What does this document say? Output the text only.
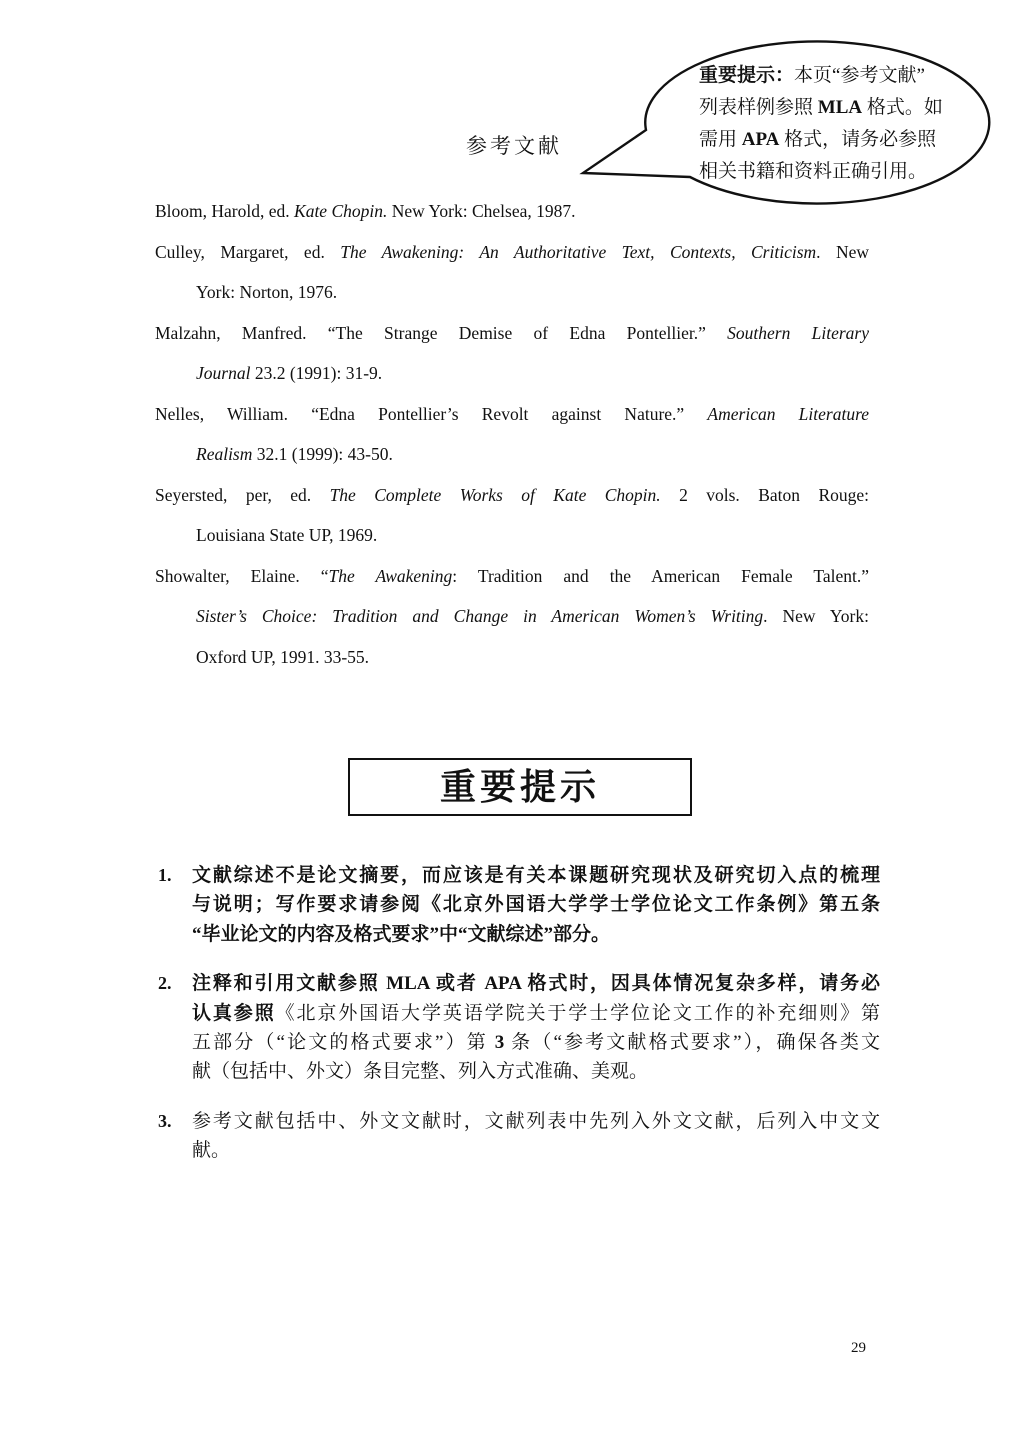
重要提示：本页“参考文献”
列表样例参照 MLA 格式。如
需用 APA 格式，请务必参照
相关书籍和资料正确引用。
参考文献
Bloom, Harold, ed. Kate Chopin. New York: Chelsea, 1987.
Culley, Margaret, ed. The Awakening: An Authoritative Text, Contexts, Criticism. New
York: Norton, 1976.
Malzahn, Manfred. “The Strange Demise of Edna Pontellier.” Southern Literary
Journal 23.2 (1991): 31-9.
Nelles, William. “Edna Pontellier’s Revolt against Nature.” American Literature
Realism 32.1 (1999): 43-50.
Seyersted, per, ed. The Complete Works of Kate Chopin. 2 vols. Baton Rouge:
Louisiana State UP, 1969.
Showalter, Elaine. “The Awakening: Tradition and the American Female Talent.”
Sister’s Choice: Tradition and Change in American Women’s Writing. New York:
Oxford UP, 1991. 33-55.
重要提示
1.	文献综述不是论文摘要，而应该是有关本课题研究现状及研究切入点的梳理
与说明；写作要求请参阅《北京外国语大学学士学位论文工作条例》第五条
“毕业论文的内容及格式要求”中“文献综述”部分。
2.	注释和引用文献参照 MLA 或者 APA 格式时，因具体情况复杂多样，请务必
认真参照《北京外国语大学英语学院关于学士学位论文工作的补充细则》第
五部分（“论文的格式要求”）第 3 条（“参考文献格式要求”），确保各类文
献（包括中、外文）条目完整、列入方式准确、美观。
3.	参考文献包括中、外文文献时，文献列表中先列入外文文献，后列入中文文
献。
29
